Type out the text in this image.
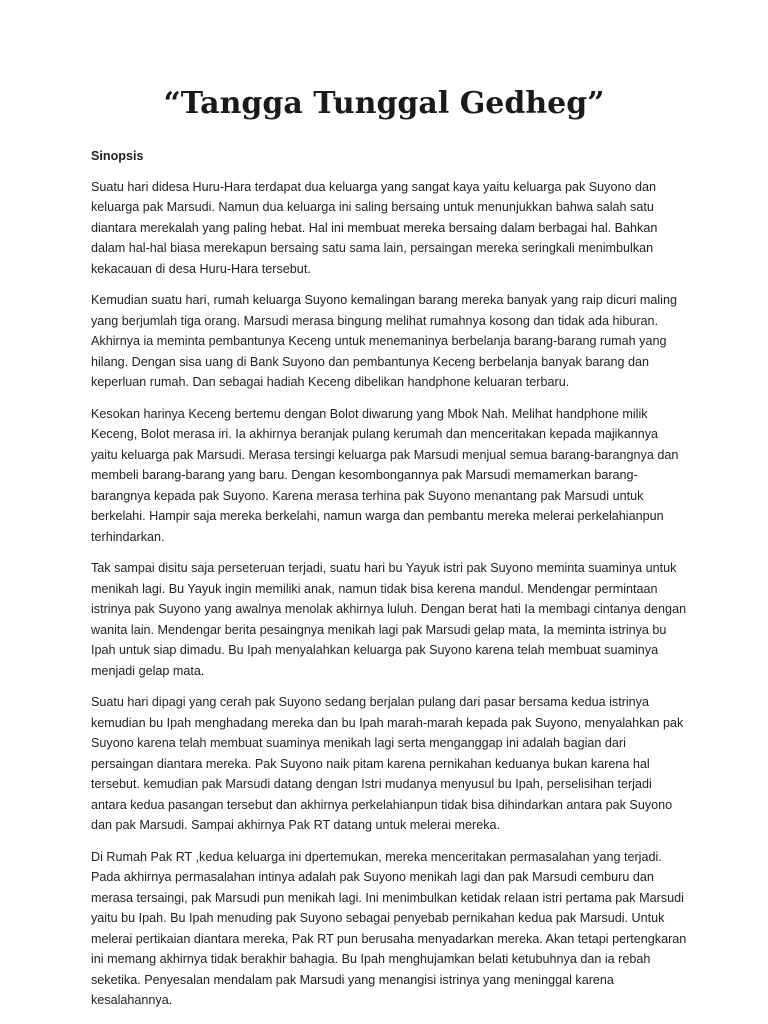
“Tangga Tunggal Gedheg”

Sinopsis

Suatu hari didesa Huru-Hara terdapat dua keluarga yang sangat kaya yaitu keluarga pak Suyono dan keluarga pak Marsudi. Namun dua keluarga ini saling bersaing untuk menunjukkan bahwa salah satu diantara merekalah yang paling hebat. Hal ini membuat mereka bersaing dalam berbagai hal. Bahkan dalam hal-hal biasa merekapun bersaing satu sama lain, persaingan mereka seringkali menimbulkan kekacauan di desa Huru-Hara tersebut.

Kemudian suatu hari, rumah keluarga Suyono kemalingan barang mereka banyak yang raip dicuri maling yang berjumlah tiga orang. Marsudi merasa bingung melihat rumahnya kosong dan tidak ada hiburan. Akhirnya ia meminta pembantunya Keceng untuk menemaninya berbelanja barang-barang rumah yang hilang. Dengan sisa uang di Bank Suyono dan pembantunya Keceng berbelanja banyak barang dan keperluan rumah. Dan sebagai hadiah Keceng dibelikan handphone keluaran terbaru.

Kesokan harinya Keceng bertemu dengan Bolot diwarung yang Mbok Nah. Melihat handphone milik Keceng, Bolot merasa iri. Ia akhirnya beranjak pulang kerumah dan menceritakan kepada majikannya yaitu keluarga pak Marsudi. Merasa tersingi keluarga pak Marsudi menjual semua barang-barangnya dan membeli barang-barang yang baru. Dengan kesombongannya pak Marsudi memamerkan barang-barangnya kepada pak Suyono. Karena merasa terhina pak Suyono menantang pak Marsudi untuk berkelahi. Hampir saja mereka berkelahi, namun warga dan pembantu mereka melerai perkelahianpun terhindarkan.

Tak sampai disitu saja perseteruan terjadi, suatu hari bu Yayuk istri pak Suyono meminta suaminya untuk menikah lagi. Bu Yayuk ingin memiliki anak, namun tidak bisa kerena mandul. Mendengar permintaan istrinya pak Suyono yang awalnya menolak akhirnya luluh. Dengan berat hati Ia membagi cintanya dengan wanita lain. Mendengar berita pesaingnya menikah lagi pak Marsudi gelap mata, Ia meminta istrinya bu Ipah untuk siap dimadu. Bu Ipah menyalahkan keluarga pak Suyono karena telah membuat suaminya menjadi gelap mata.

Suatu hari dipagi yang cerah pak Suyono sedang berjalan pulang dari pasar bersama kedua istrinya kemudian bu Ipah menghadang mereka dan bu Ipah marah-marah kepada pak Suyono, menyalahkan pak Suyono karena telah membuat suaminya menikah lagi serta menganggap ini adalah bagian dari persaingan diantara mereka. Pak Suyono naik pitam karena pernikahan keduanya bukan karena hal tersebut. kemudian pak Marsudi datang dengan Istri mudanya menyusul bu Ipah, perselisihan terjadi antara kedua pasangan tersebut dan akhirnya perkelahianpun tidak bisa dihindarkan antara pak Suyono dan pak Marsudi. Sampai akhirnya Pak RT datang untuk melerai mereka.

Di Rumah Pak RT ,kedua keluarga ini dpertemukan, mereka menceritakan permasalahan yang terjadi. Pada akhirnya permasalahan intinya adalah pak Suyono menikah lagi dan pak Marsudi cemburu dan merasa tersaingi, pak Marsudi pun menikah lagi. Ini menimbulkan ketidak relaan istri pertama pak Marsudi yaitu bu Ipah. Bu Ipah menuding pak Suyono sebagai penyebab pernikahan kedua pak Marsudi. Untuk melerai pertikaian diantara mereka, Pak RT pun berusaha menyadarkan mereka. Akan tetapi pertengkaran ini memang akhirnya tidak berakhir bahagia. Bu Ipah menghujamkan belati ketubuhnya dan ia rebah seketika. Penyesalan mendalam pak Marsudi yang menangisi istrinya yang meninggal karena kesalahannya.
